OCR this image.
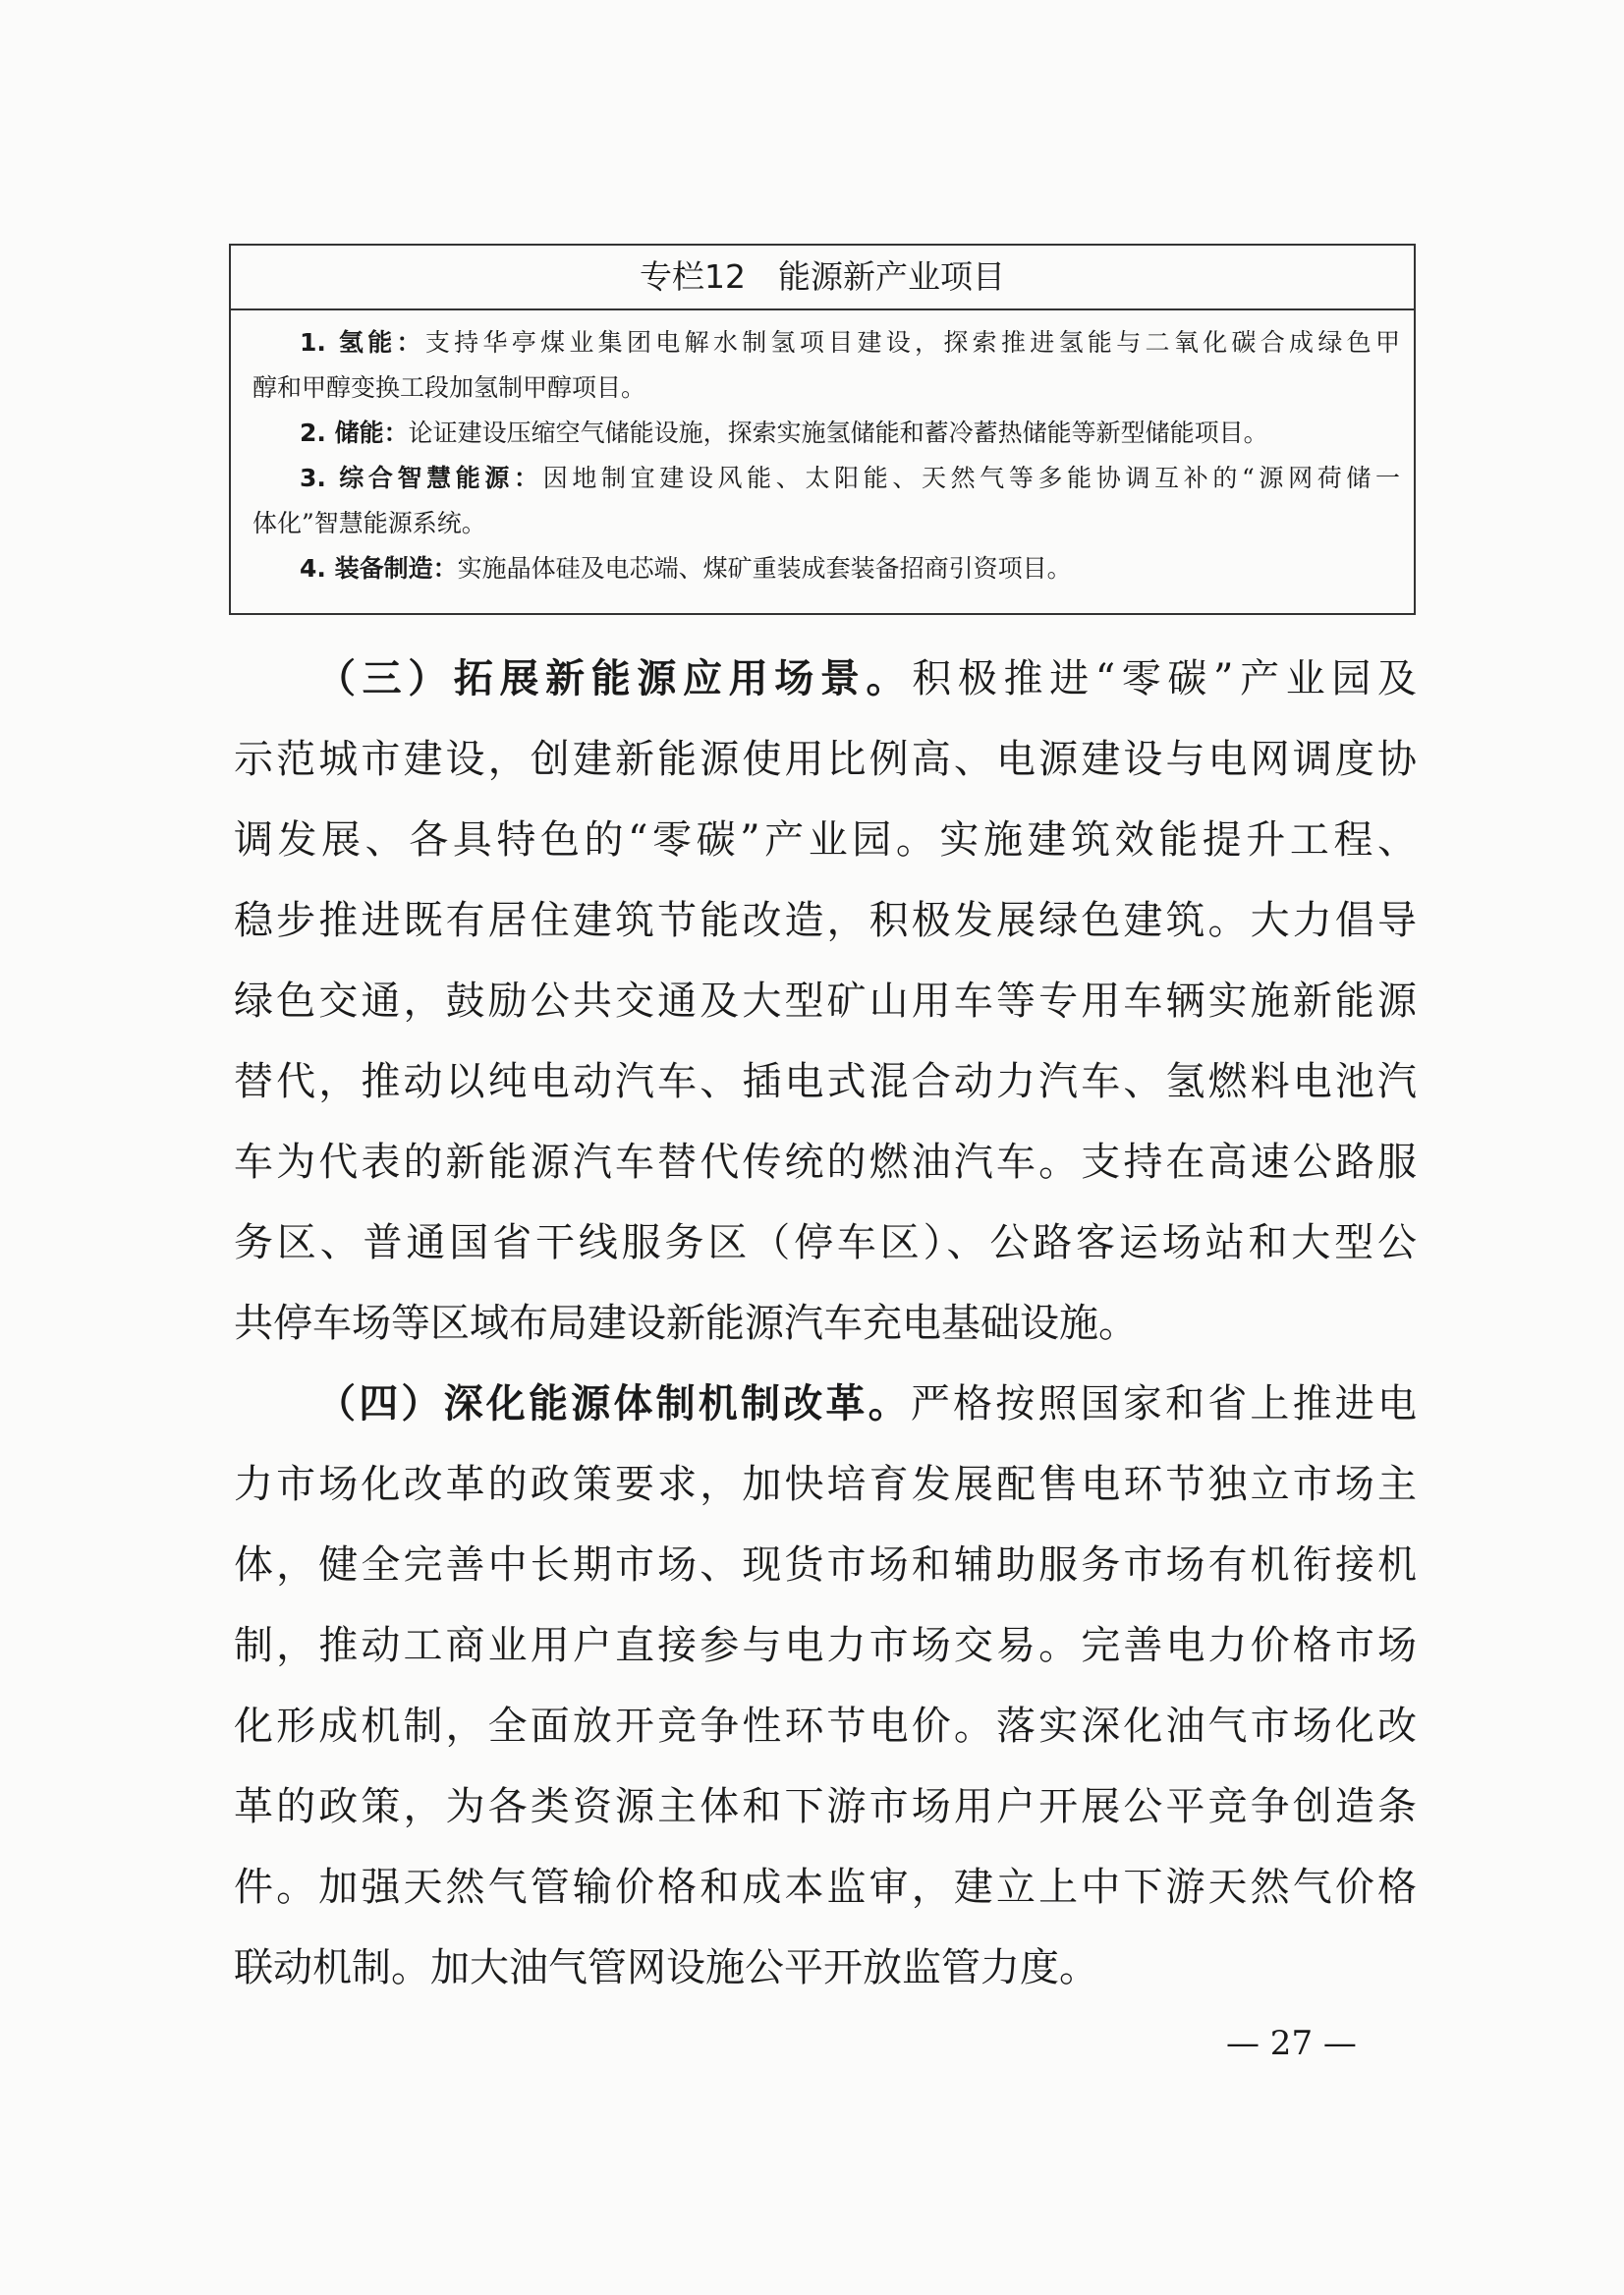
专栏12　能源新产业项目
1. 氢能：支持华亭煤业集团电解水制氢项目建设，探索推进氢能与二氧化碳合成绿色甲
醇和甲醇变换工段加氢制甲醇项目。
2. 储能：论证建设压缩空气储能设施，探索实施氢储能和蓄冷蓄热储能等新型储能项目。
3. 综合智慧能源：因地制宜建设风能、太阳能、天然气等多能协调互补的“源网荷储一
体化”智慧能源系统。
4. 装备制造：实施晶体硅及电芯端、煤矿重装成套装备招商引资项目。
（三）拓展新能源应用场景。积极推进“零碳”产业园及
示范城市建设，创建新能源使用比例高、电源建设与电网调度协
调发展、各具特色的“零碳”产业园。实施建筑效能提升工程、
稳步推进既有居住建筑节能改造，积极发展绿色建筑。大力倡导
绿色交通，鼓励公共交通及大型矿山用车等专用车辆实施新能源
替代，推动以纯电动汽车、插电式混合动力汽车、氢燃料电池汽
车为代表的新能源汽车替代传统的燃油汽车。支持在高速公路服
务区、普通国省干线服务区（停车区）、公路客运场站和大型公
共停车场等区域布局建设新能源汽车充电基础设施。
（四）深化能源体制机制改革。严格按照国家和省上推进电
力市场化改革的政策要求，加快培育发展配售电环节独立市场主
体，健全完善中长期市场、现货市场和辅助服务市场有机衔接机
制，推动工商业用户直接参与电力市场交易。完善电力价格市场
化形成机制，全面放开竞争性环节电价。落实深化油气市场化改
革的政策，为各类资源主体和下游市场用户开展公平竞争创造条
件。加强天然气管输价格和成本监审，建立上中下游天然气价格
联动机制。加大油气管网设施公平开放监管力度。
— 27 —
